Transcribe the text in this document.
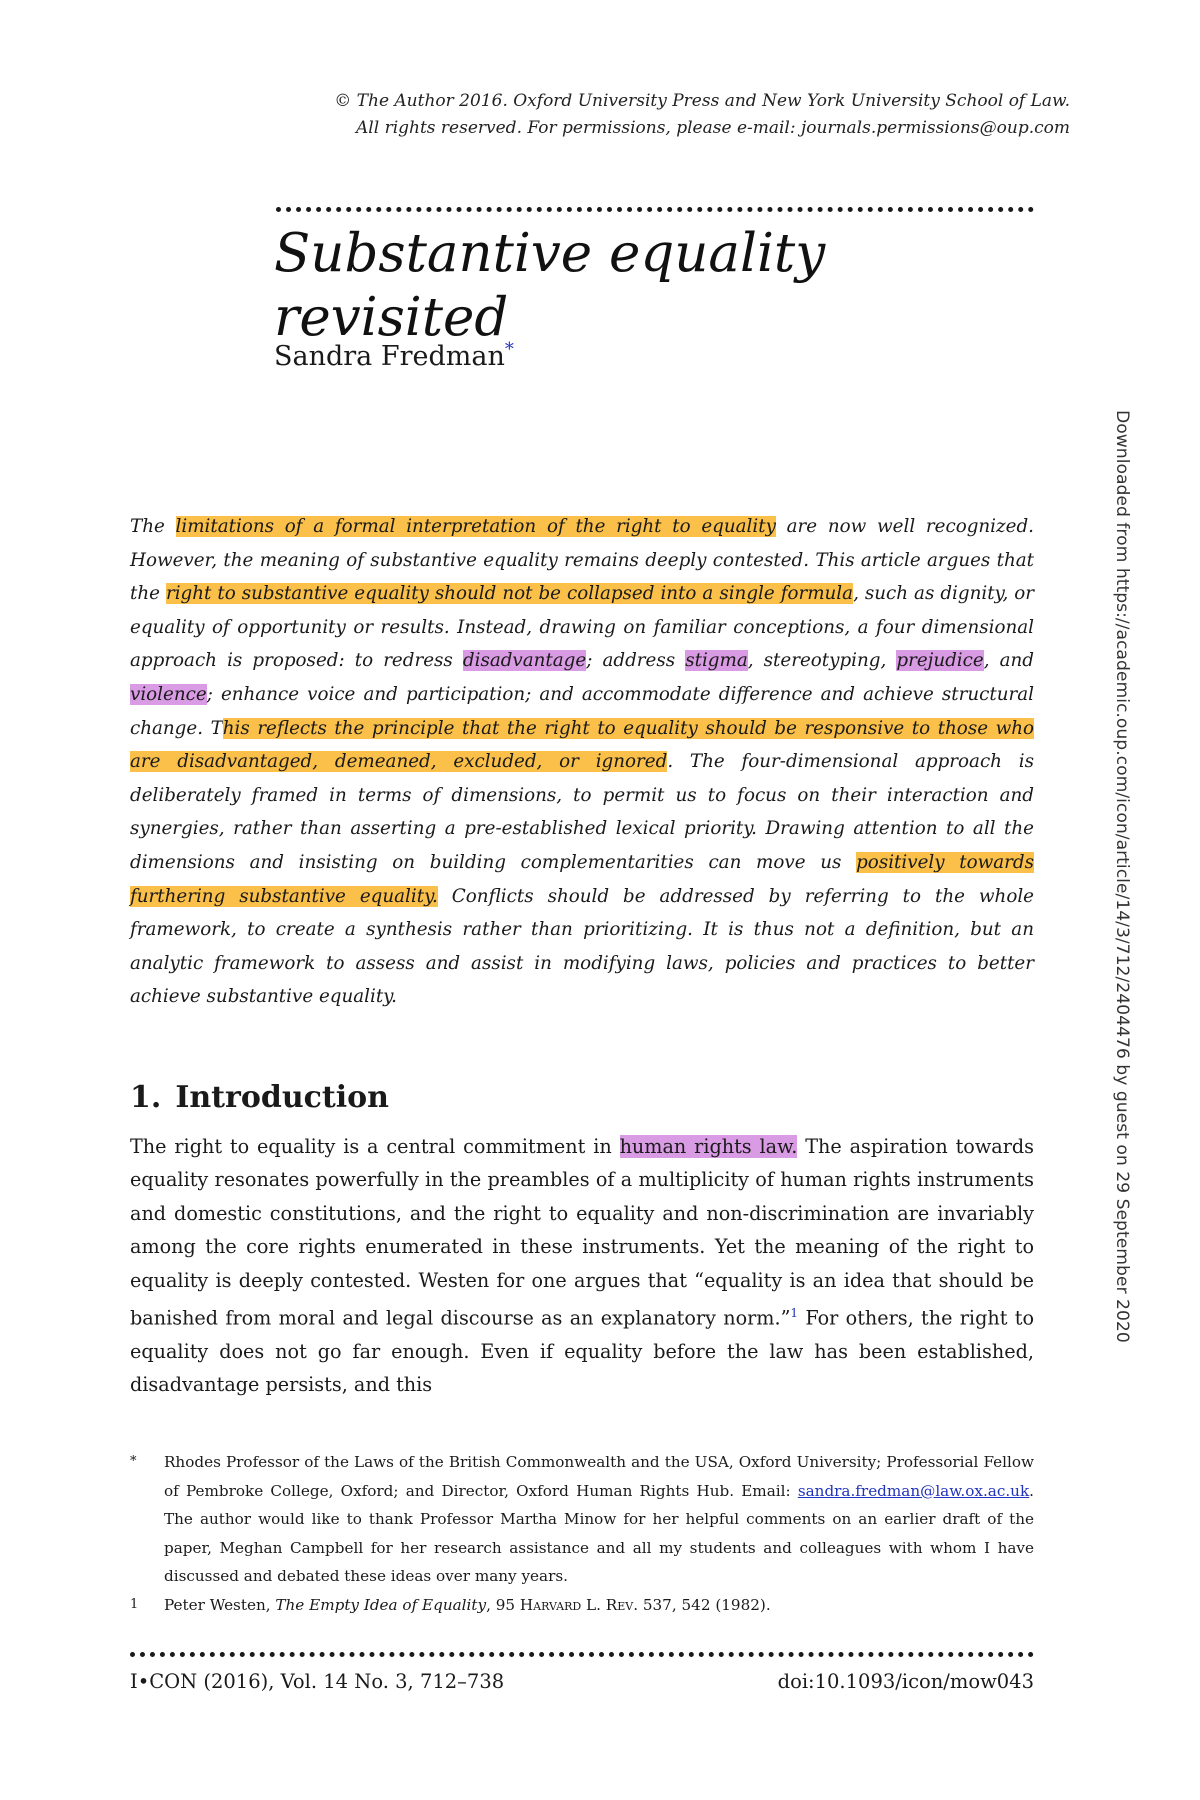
© The Author 2016. Oxford University Press and New York University School of Law.
All rights reserved. For permissions, please e-mail: journals.permissions@oup.com
Substantive equality revisited
Sandra Fredman*
The limitations of a formal interpretation of the right to equality are now well recognized. However, the meaning of substantive equality remains deeply contested. This article argues that the right to substantive equality should not be collapsed into a single formula, such as dignity, or equality of opportunity or results. Instead, drawing on familiar conceptions, a four dimensional approach is proposed: to redress disadvantage; address stigma, stereotyping, prejudice, and violence; enhance voice and participation; and accommodate difference and achieve structural change. This reflects the principle that the right to equality should be responsive to those who are disadvantaged, demeaned, excluded, or ignored. The four-dimensional approach is deliberately framed in terms of dimensions, to permit us to focus on their interaction and synergies, rather than asserting a pre-established lexical priority. Drawing attention to all the dimensions and insisting on building complementarities can move us positively towards furthering substantive equality. Conflicts should be addressed by referring to the whole framework, to create a synthesis rather than prioritizing. It is thus not a definition, but an analytic framework to assess and assist in modifying laws, policies and practices to better achieve substantive equality.
1. Introduction
The right to equality is a central commitment in human rights law. The aspiration towards equality resonates powerfully in the preambles of a multiplicity of human rights instruments and domestic constitutions, and the right to equality and non-discrimination are invariably among the core rights enumerated in these instruments. Yet the meaning of the right to equality is deeply contested. Westen for one argues that “equality is an idea that should be banished from moral and legal discourse as an explanatory norm.”$^1$ For others, the right to equality does not go far enough. Even if equality before the law has been established, disadvantage persists, and this
*	Rhodes Professor of the Laws of the British Commonwealth and the USA, Oxford University; Professorial Fellow of Pembroke College, Oxford; and Director, Oxford Human Rights Hub. Email: sandra.fredman@law.ox.ac.uk. The author would like to thank Professor Martha Minow for her helpful comments on an earlier draft of the paper, Meghan Campbell for her research assistance and all my students and colleagues with whom I have discussed and debated these ideas over many years.
1	Peter Westen, The Empty Idea of Equality, 95 Harvard L. Rev. 537, 542 (1982).
I•CON (2016), Vol. 14 No. 3, 712–738	doi:10.1093/icon/mow043
Downloaded from https://academic.oup.com/icon/article/14/3/712/2404476 by guest on 29 September 2020
